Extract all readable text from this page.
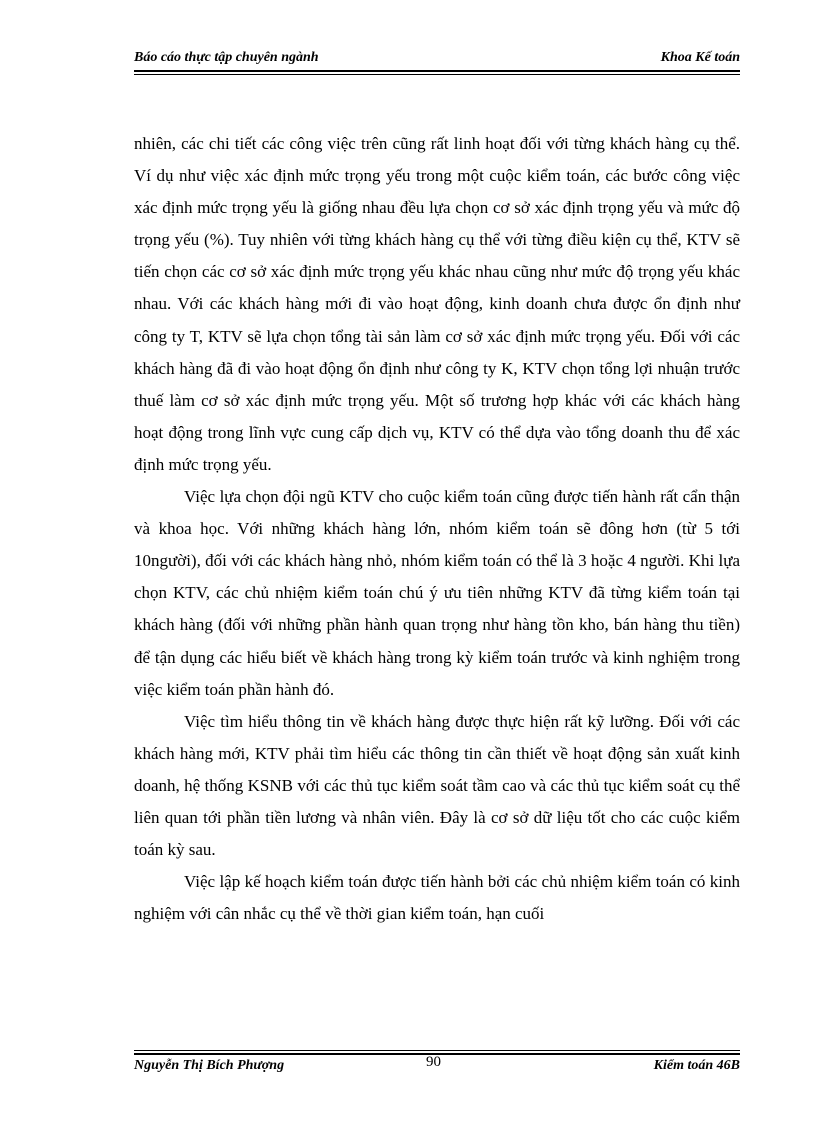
Báo cáo thực tập chuyên ngành	Khoa Kế toán

nhiên, các chi tiết các công việc trên cũng rất linh hoạt đối với từng khách hàng cụ thể. Ví dụ như việc xác định mức trọng yếu trong một cuộc kiểm toán, các bước công việc xác định mức trọng yếu là giống nhau đều lựa chọn cơ sở xác định trọng yếu và mức độ trọng yếu (%). Tuy nhiên với từng khách hàng cụ thể với từng điều kiện cụ thể, KTV sẽ tiến chọn các cơ sở xác định mức trọng yếu khác nhau cũng như mức độ trọng yếu khác nhau. Với các khách hàng mới đi vào hoạt động, kinh doanh chưa được ổn định như công ty T, KTV sẽ lựa chọn tổng tài sản làm cơ sở xác định mức trọng yếu. Đối với các khách hàng đã đi vào hoạt động ổn định như công ty K, KTV chọn tổng lợi nhuận trước thuế làm cơ sở xác định mức trọng yếu. Một số trương hợp khác với các khách hàng hoạt động trong lĩnh vực cung cấp dịch vụ, KTV có thể dựa vào tổng doanh thu để xác định mức trọng yếu.

Việc lựa chọn đội ngũ KTV cho cuộc kiểm toán cũng được tiến hành rất cẩn thận và khoa học. Với những khách hàng lớn, nhóm kiểm toán sẽ đông hơn (từ 5 tới 10người), đối với các khách hàng nhỏ, nhóm kiểm toán có thể là 3 hoặc 4 người. Khi lựa chọn KTV, các chủ nhiệm kiểm toán chú ý ưu tiên những KTV đã từng kiểm toán tại khách hàng (đối với những phần hành quan trọng như hàng tồn kho, bán hàng thu tiền) để tận dụng các hiểu biết về khách hàng trong kỳ kiểm toán trước và kinh nghiệm trong việc kiểm toán phần hành đó.

Việc tìm hiểu thông tin về khách hàng được thực hiện rất kỹ lưỡng. Đối với các khách hàng mới, KTV phải tìm hiểu các thông tin cần thiết về hoạt động sản xuất kinh doanh, hệ thống KSNB với các thủ tục kiểm soát tầm cao và các thủ tục kiểm soát cụ thể liên quan tới phần tiền lương và nhân viên. Đây là cơ sở dữ liệu tốt cho các cuộc kiểm toán kỳ sau.

Việc lập kế hoạch kiểm toán được tiến hành bởi các chủ nhiệm kiểm toán có kinh nghiệm với cân nhắc cụ thể về thời gian kiểm toán, hạn cuối

Nguyễn Thị Bích Phượng	90	Kiểm toán 46B
